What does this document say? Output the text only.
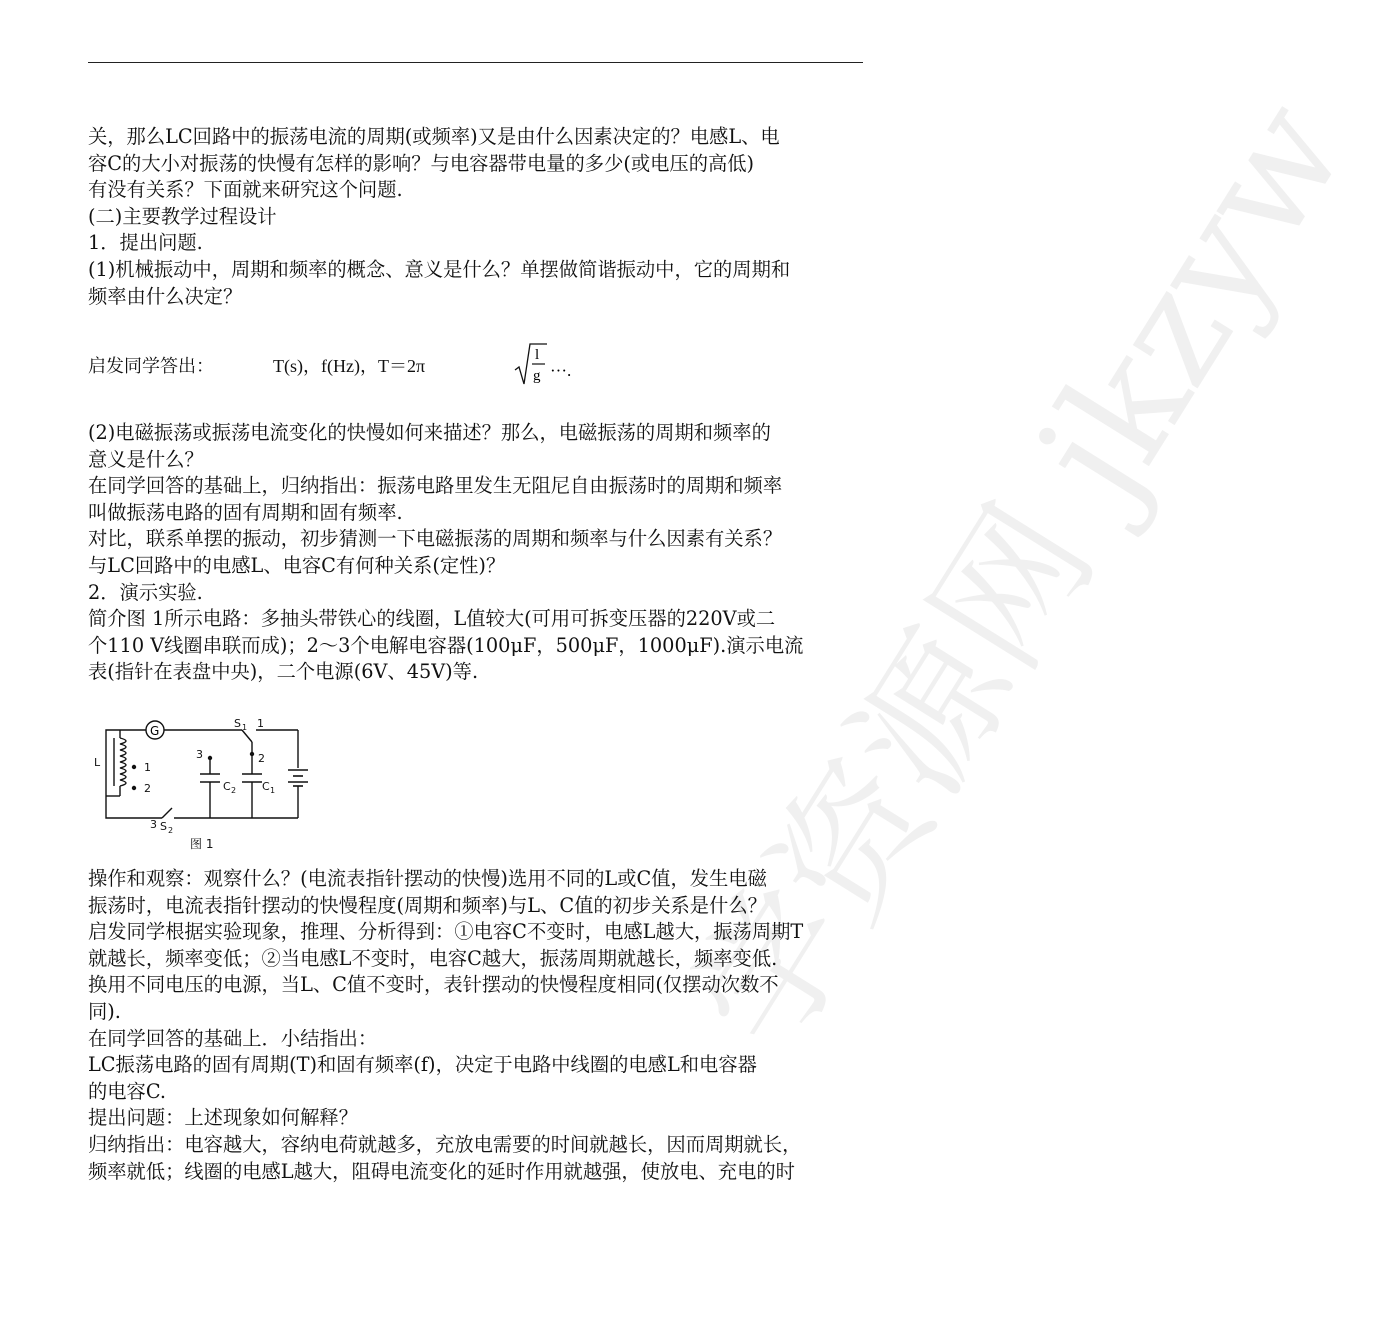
学资源网 jkzyw
关，那么LC回路中的振荡电流的周期(或频率)又是由什么因素决定的？电感L、电
容C的大小对振荡的快慢有怎样的影响？与电容器带电量的多少(或电压的高低)
有没有关系？下面就来研究这个问题.
(二)主要教学过程设计
1．提出问题.
(1)机械振动中，周期和频率的概念、意义是什么？单摆做简谐振动中，它的周期和
频率由什么决定？
启发同学答出：	T(s)，f(Hz)，T＝2π
l
g ···.
(2)电磁振荡或振荡电流变化的快慢如何来描述？那么，电磁振荡的周期和频率的
意义是什么？
在同学回答的基础上，归纳指出：振荡电路里发生无阻尼自由振荡时的周期和频率
叫做振荡电路的固有周期和固有频率.
对比，联系单摆的振动，初步猜测一下电磁振荡的周期和频率与什么因素有关系？
与LC回路中的电感L、电容C有何种关系(定性)？
2．演示实验.
简介图 1所示电路：多抽头带铁心的线圈，L值较大(可用可拆变压器的220V或二
个110 V线圈串联而成)；2～3个电解电容器(100μF，500μF，1000μF).演示电流
表(指针在表盘中央)，二个电源(6V、45V)等.
G
L	1
2
3
3	2
1
S 1
S 2
C 2 C 1
图 1
操作和观察：观察什么？(电流表指针摆动的快慢)选用不同的L或C值，发生电磁
振荡时，电流表指针摆动的快慢程度(周期和频率)与L、C值的初步关系是什么？
启发同学根据实验现象，推理、分析得到：①电容C不变时，电感L越大，振荡周期T
就越长，频率变低；②当电感L不变时，电容C越大，振荡周期就越长，频率变低.
换用不同电压的电源，当L、C值不变时，表针摆动的快慢程度相同(仅摆动次数不
同).
在同学回答的基础上．小结指出：
LC振荡电路的固有周期(T)和固有频率(f)，决定于电路中线圈的电感L和电容器
的电容C.
提出问题：上述现象如何解释？
归纳指出：电容越大，容纳电荷就越多，充放电需要的时间就越长，因而周期就长，
频率就低；线圈的电感L越大，阻碍电流变化的延时作用就越强，使放电、充电的时
